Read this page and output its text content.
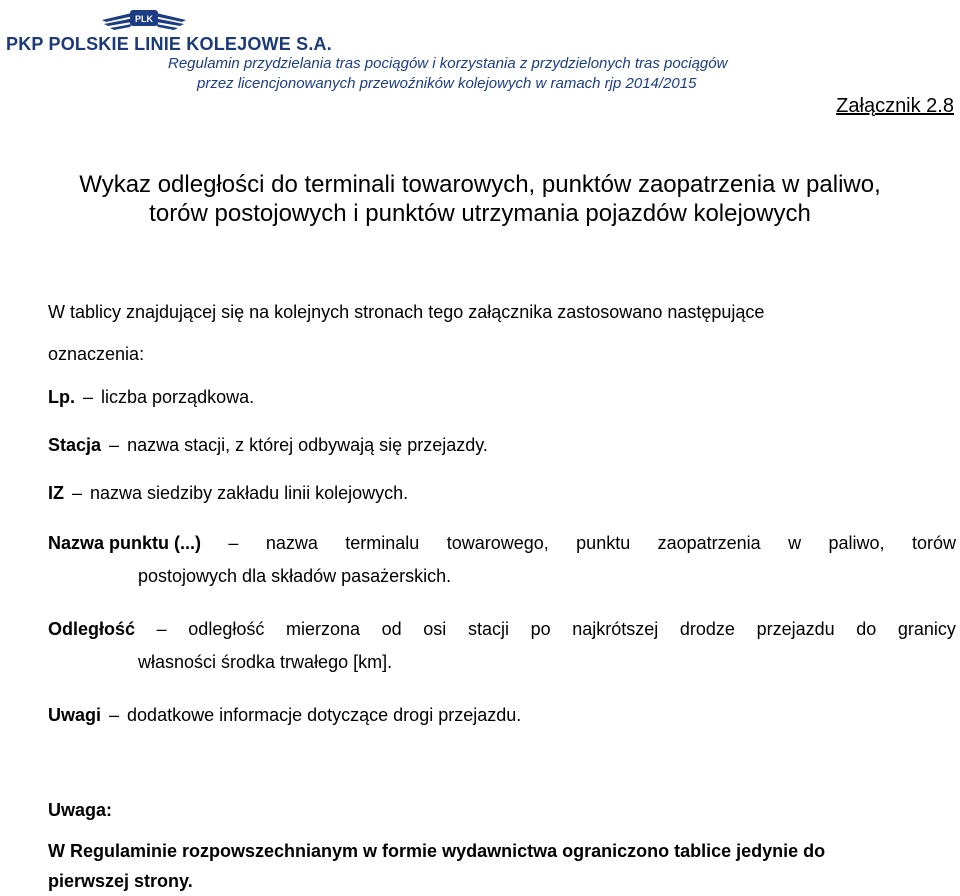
PLK
PKP POLSKIE LINIE KOLEJOWE S.A.
Regulamin przydzielania tras pociągów i korzystania z przydzielonych tras pociągów
przez licencjonowanych przewoźników kolejowych w ramach rjp 2014/2015
Załącznik 2.8
Wykaz odległości do terminali towarowych, punktów zaopatrzenia w paliwo,
torów postojowych i punktów utrzymania pojazdów kolejowych
W tablicy znajdującej się na kolejnych stronach tego załącznika zastosowano następujące
oznaczenia:
Lp. – liczba porządkowa.
Stacja – nazwa stacji, z której odbywają się przejazdy.
IZ – nazwa siedziby zakładu linii kolejowych.
Nazwa punktu (...) – nazwa terminalu towarowego, punktu zaopatrzenia w paliwo, torów
postojowych dla składów pasażerskich.
Odległość – odległość mierzona od osi stacji po najkrótszej drodze przejazdu do granicy
własności środka trwałego [km].
Uwagi – dodatkowe informacje dotyczące drogi przejazdu.
Uwaga:
W Regulaminie rozpowszechnianym w formie wydawnictwa ograniczono tablice jedynie do
pierwszej strony.
